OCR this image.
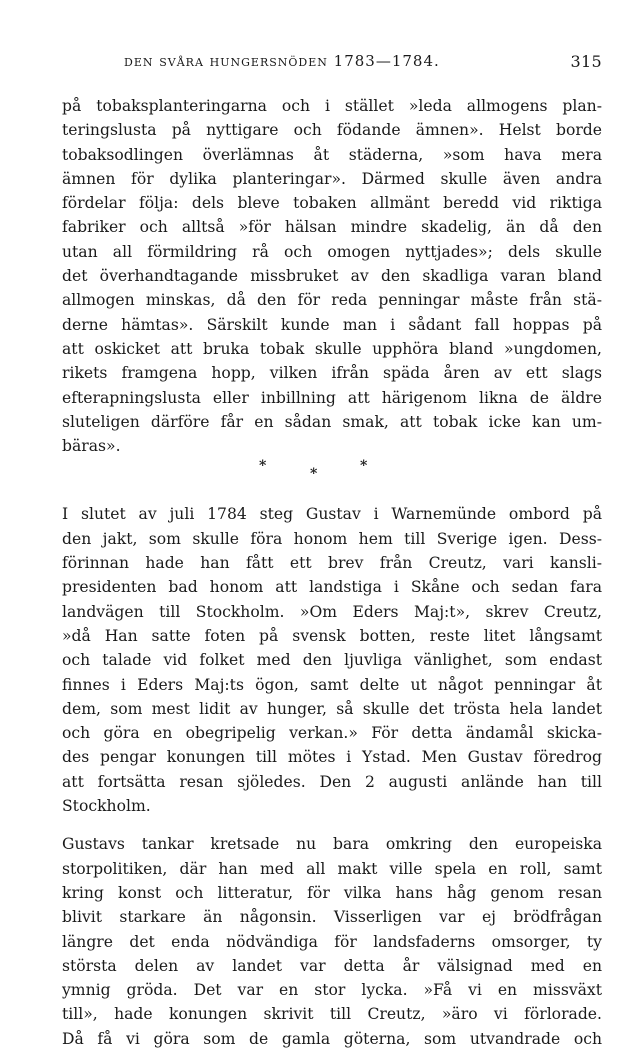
den svåra hungersnöden 1783—1784.	315
på tobaksplanteringarna och i stället »leda allmogens plan-
teringslusta på nyttigare och födande ämnen». Helst borde
tobaksodlingen överlämnas åt städerna, »som hava mera
ämnen för dylika planteringar». Därmed skulle även andra
fördelar följa: dels bleve tobaken allmänt beredd vid riktiga
fabriker och alltså »för hälsan mindre skadelig, än då den
utan all förmildring rå och omogen nyttjades»; dels skulle
det överhandtagande missbruket av den skadliga varan bland
allmogen minskas, då den för reda penningar måste från stä-
derne hämtas». Särskilt kunde man i sådant fall hoppas på
att oskicket att bruka tobak skulle upphöra bland »ungdomen,
rikets framgena hopp, vilken ifrån späda åren av ett slags
efterapningslusta eller inbillning att härigenom likna de äldre
sluteligen därföre får en sådan smak, att tobak icke kan um-
bäras».
*	*	*
I slutet av juli 1784 steg Gustav i Warnemünde ombord på
den jakt, som skulle föra honom hem till Sverige igen. Dess-
förinnan hade han fått ett brev från Creutz, vari kansli-
presidenten bad honom att landstiga i Skåne och sedan fara
landvägen till Stockholm. »Om Eders Maj:t», skrev Creutz,
»då Han satte foten på svensk botten, reste litet långsamt
och talade vid folket med den ljuvliga vänlighet, som endast
finnes i Eders Maj:ts ögon, samt delte ut något penningar åt
dem, som mest lidit av hunger, så skulle det trösta hela landet
och göra en obegripelig verkan.» För detta ändamål skicka-
des pengar konungen till mötes i Ystad. Men Gustav föredrog
att fortsätta resan sjöledes. Den 2 augusti anlände han till
Stockholm.
Gustavs tankar kretsade nu bara omkring den europeiska
storpolitiken, där han med all makt ville spela en roll, samt
kring konst och litteratur, för vilka hans håg genom resan
blivit starkare än någonsin. Visserligen var ej brödfrågan
längre det enda nödvändiga för landsfaderns omsorger, ty
största delen av landet var detta år välsignad med en
ymnig gröda. Det var en stor lycka. »Få vi en missväxt
till», hade konungen skrivit till Creutz, »äro vi förlorade.
Då få vi göra som de gamla göterna, som utvandrade och
